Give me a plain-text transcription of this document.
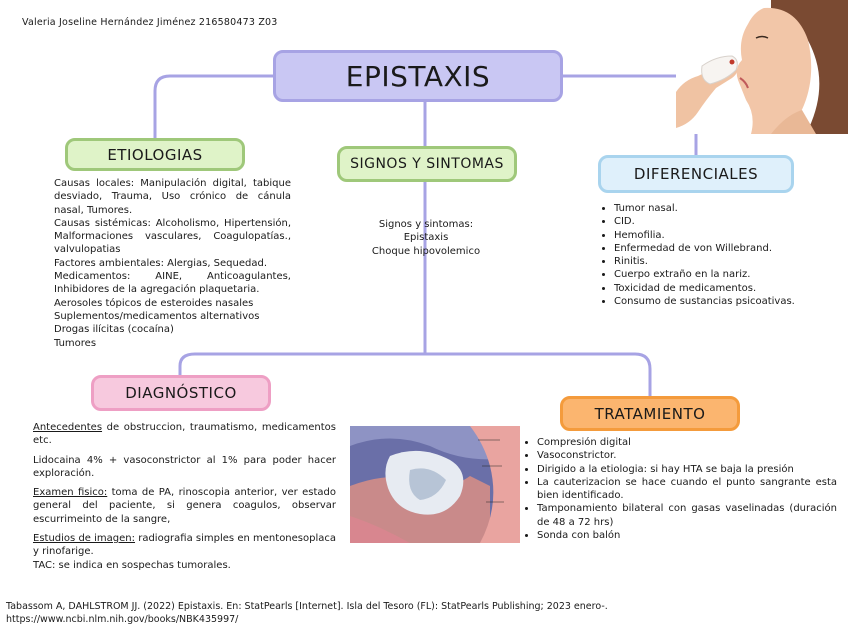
Valeria Joseline Hernández Jiménez 216580473 Z03
EPISTAXIS
ETIOLOGIAS

Causas locales: Manipulación digital, tabique desviado, Trauma, Uso crónico de cánula nasal, Tumores.

Causas sistémicas: Alcoholismo, Hipertensión, Malformaciones vasculares, Coagulopatías., valvulopatias

Factores ambientales: Alergias, Sequedad.

Medicamentos: AINE, Anticoagulantes, Inhibidores de la agregación plaquetaria.

Aerosoles tópicos de esteroides nasales

Suplementos/medicamentos alternativos

Drogas ilícitas (cocaína)

Tumores

SIGNOS Y SINTOMAS

Signos y sintomas:

Epistaxis

Choque hipovolemico

DIFERENCIALES
• Tumor nasal.
• CID.
• Hemofilia.
• Enfermedad de von Willebrand.
• Rinitis.
• Cuerpo extraño en la nariz.
• Toxicidad de medicamentos.
• Consumo de sustancias psicoativas.
DIAGNÓSTICO

Antecedentes de obstruccion, traumatismo, medicamentos etc.

Lidocaina 4% + vasoconstrictor al 1% para poder hacer exploración.

Examen fisico: toma de PA, rinoscopia anterior, ver estado general del paciente, si genera coagulos, observar escurrimeinto de la sangre,

Estudios de imagen: radiografia simples en mentonesoplaca y rinofarige.

TAC: se indica en sospechas tumorales.

TRATAMIENTO
• Compresión digital
• Vasoconstrictor.
• Dirigido a la etiologia: si hay HTA se baja la presión
• La cauterizacion se hace cuando el punto sangrante esta bien identificado.
• Tamponamiento bilateral con gasas vaselinadas (duración de 48 a 72 hrs)
• Sonda con balón
Tabassom A, DAHLSTROM JJ. (2022) Epistaxis. En: StatPearls [Internet]. Isla del Tesoro (FL): StatPearls Publishing; 2023 enero-.
https://www.ncbi.nlm.nih.gov/books/NBK435997/
